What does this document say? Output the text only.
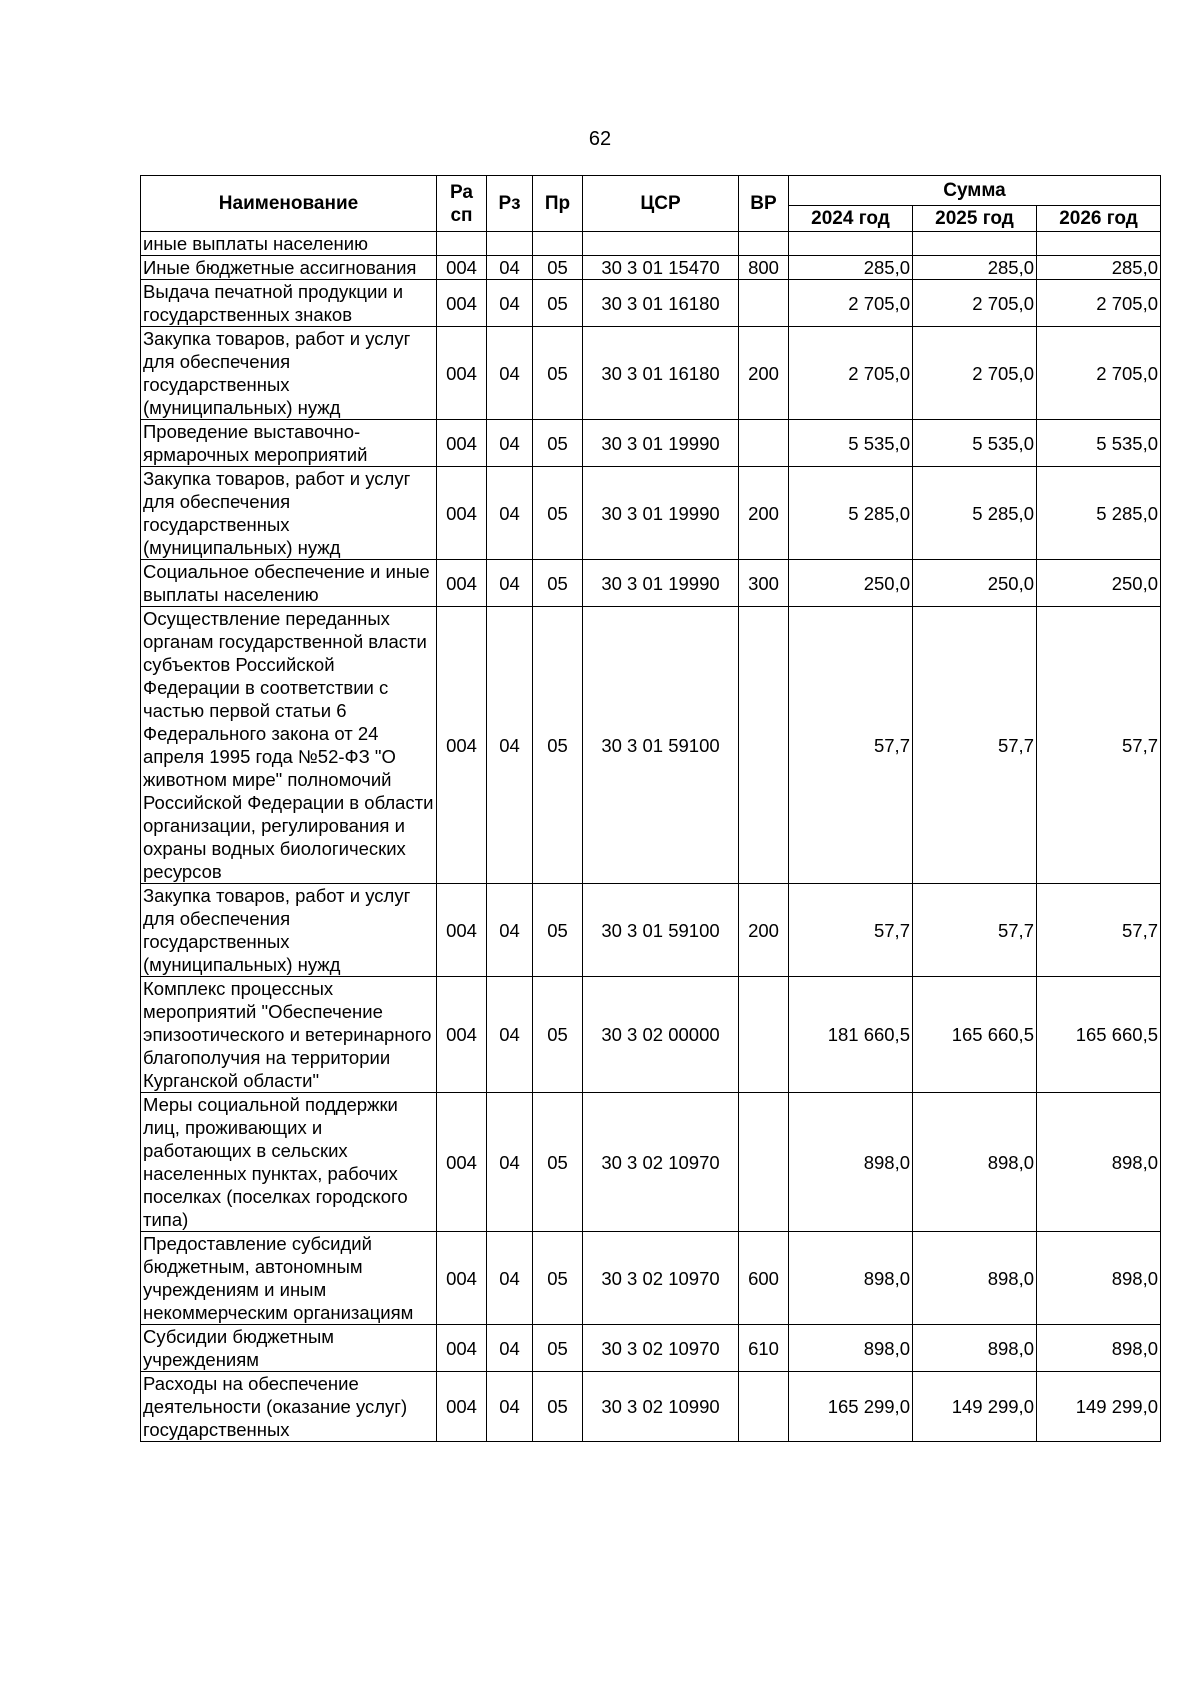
62
Наименование	Ра сп	Рз	Пр	ЦСР	ВР	Сумма		
						2024 год	2025 год	2026 год
иные выплаты населению								
Иные бюджетные ассигнования	004	04	05	30 3 01 15470	800	285,0	285,0	285,0
Выдача печатной продукции и государственных знаков	004	04	05	30 3 01 16180		2 705,0	2 705,0	2 705,0
Закупка товаров, работ и услуг для обеспечения государственных (муниципальных) нужд	004	04	05	30 3 01 16180	200	2 705,0	2 705,0	2 705,0
Проведение выставочно-ярмарочных мероприятий	004	04	05	30 3 01 19990		5 535,0	5 535,0	5 535,0
Закупка товаров, работ и услуг для обеспечения государственных (муниципальных) нужд	004	04	05	30 3 01 19990	200	5 285,0	5 285,0	5 285,0
Социальное обеспечение и иные выплаты населению	004	04	05	30 3 01 19990	300	250,0	250,0	250,0
Осуществление переданных органам государственной власти субъектов Российской Федерации в соответствии с частью первой статьи 6 Федерального закона от 24 апреля 1995 года №52-ФЗ "О животном мире" полномочий Российской Федерации в области организации, регулирования и охраны водных биологических ресурсов	004	04	05	30 3 01 59100		57,7	57,7	57,7
Закупка товаров, работ и услуг для обеспечения государственных (муниципальных) нужд	004	04	05	30 3 01 59100	200	57,7	57,7	57,7
Комплекс процессных мероприятий "Обеспечение эпизоотического и ветеринарного благополучия на территории Курганской области"	004	04	05	30 3 02 00000		181 660,5	165 660,5	165 660,5
Меры социальной поддержки лиц, проживающих и работающих в сельских населенных пунктах, рабочих поселках (поселках городского типа)	004	04	05	30 3 02 10970		898,0	898,0	898,0
Предоставление субсидий бюджетным, автономным учреждениям и иным некоммерческим организациям	004	04	05	30 3 02 10970	600	898,0	898,0	898,0
Субсидии бюджетным учреждениям	004	04	05	30 3 02 10970	610	898,0	898,0	898,0
Расходы на обеспечение деятельности (оказание услуг) государственных	004	04	05	30 3 02 10990		165 299,0	149 299,0	149 299,0
